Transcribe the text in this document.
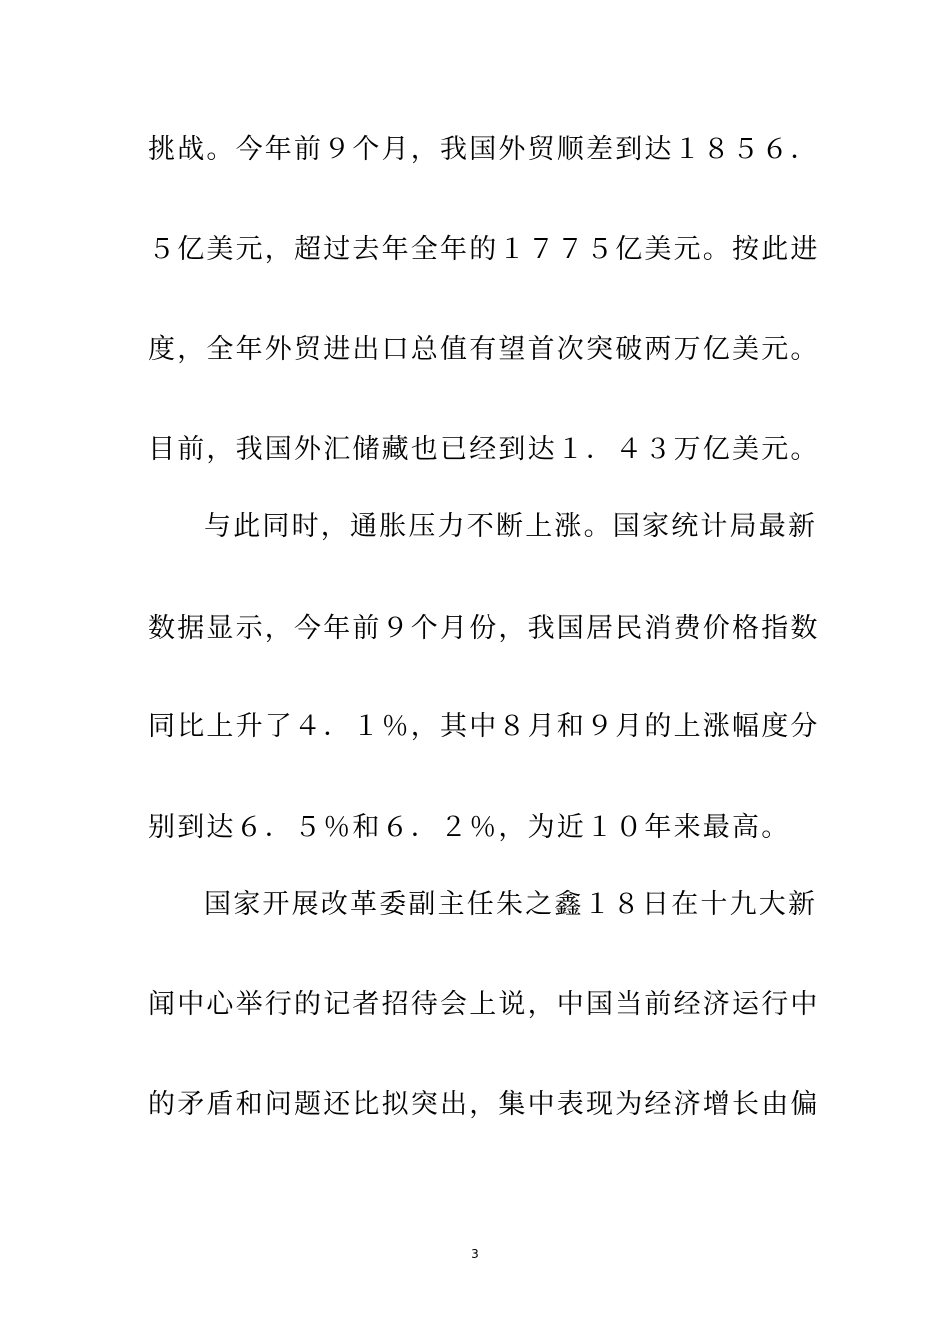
挑战。今年前９个月，我国外贸顺差到达１８５６．
５亿美元，超过去年全年的１７７５亿美元。按此进
度，全年外贸进出口总值有望首次突破两万亿美元。
目前，我国外汇储藏也已经到达１．４３万亿美元。
与此同时，通胀压力不断上涨。国家统计局最新
数据显示，今年前９个月份，我国居民消费价格指数
同比上升了４．１％，其中８月和９月的上涨幅度分
别到达６．５％和６．２％，为近１０年来最高。
国家开展改革委副主任朱之鑫１８日在十九大新
闻中心举行的记者招待会上说，中国当前经济运行中
的矛盾和问题还比拟突出，集中表现为经济增长由偏
3
